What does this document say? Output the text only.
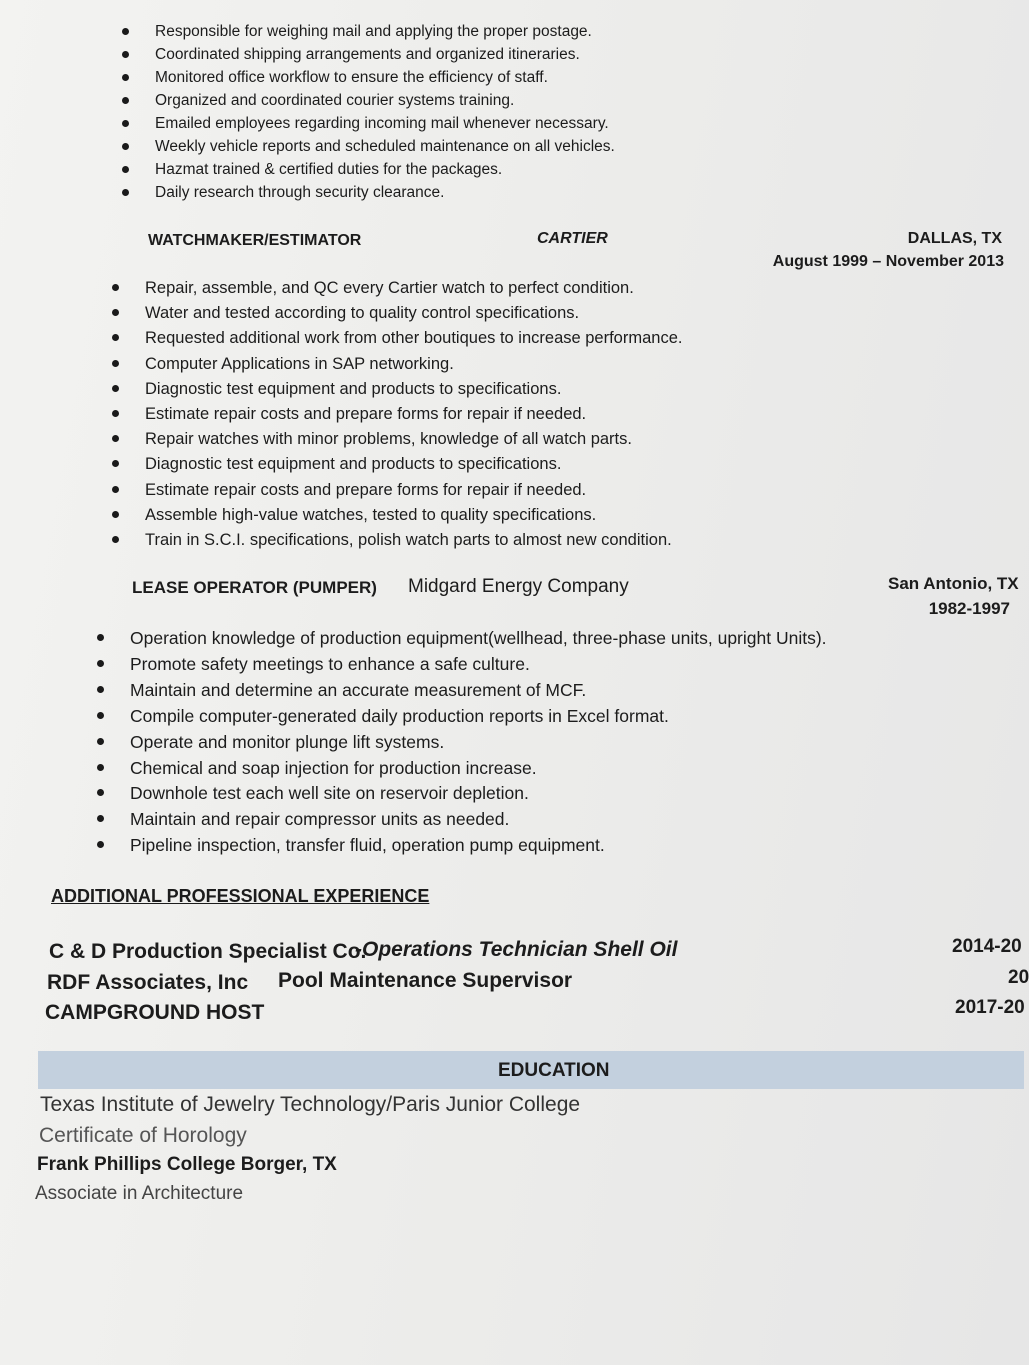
Responsible for weighing mail and applying the proper postage.
Coordinated shipping arrangements and organized itineraries.
Monitored office workflow to ensure the efficiency of staff.
Organized and coordinated courier systems training.
Emailed employees regarding incoming mail whenever necessary.
Weekly vehicle reports and scheduled maintenance on all vehicles.
Hazmat trained & certified duties for the packages.
Daily research through security clearance.
WATCHMAKER/ESTIMATOR	CARTIER	DALLAS, TX
August 1999 – November 2013
Repair, assemble, and QC every Cartier watch to perfect condition.
Water and tested according to quality control specifications.
Requested additional work from other boutiques to increase performance.
Computer Applications in SAP networking.
Diagnostic test equipment and products to specifications.
Estimate repair costs and prepare forms for repair if needed.
Repair watches with minor problems, knowledge of all watch parts.
Diagnostic test equipment and products to specifications.
Estimate repair costs and prepare forms for repair if needed.
Assemble high-value watches, tested to quality specifications.
Train in S.C.I. specifications, polish watch parts to almost new condition.
LEASE OPERATOR (PUMPER) Midgard Energy Company	San Antonio, TX
1982-1997
Operation knowledge of production equipment(wellhead, three-phase units, upright Units).
Promote safety meetings to enhance a safe culture.
Maintain and determine an accurate measurement of MCF.
Compile computer-generated daily production reports in Excel format.
Operate and monitor plunge lift systems.
Chemical and soap injection for production increase.
Downhole test each well site on reservoir depletion.
Maintain and repair compressor units as needed.
Pipeline inspection, transfer fluid, operation pump equipment.
ADDITIONAL PROFESSIONAL EXPERIENCE
C & D Production Specialist Co.
-Operations Technician Shell Oil	2014-20
RDF Associates, Inc Pool Maintenance Supervisor	20
CAMPGROUND HOST	2017-20
EDUCATION
Texas Institute of Jewelry Technology/Paris Junior College
Certificate of Horology
Frank Phillips College Borger, TX
Associate in Architecture
